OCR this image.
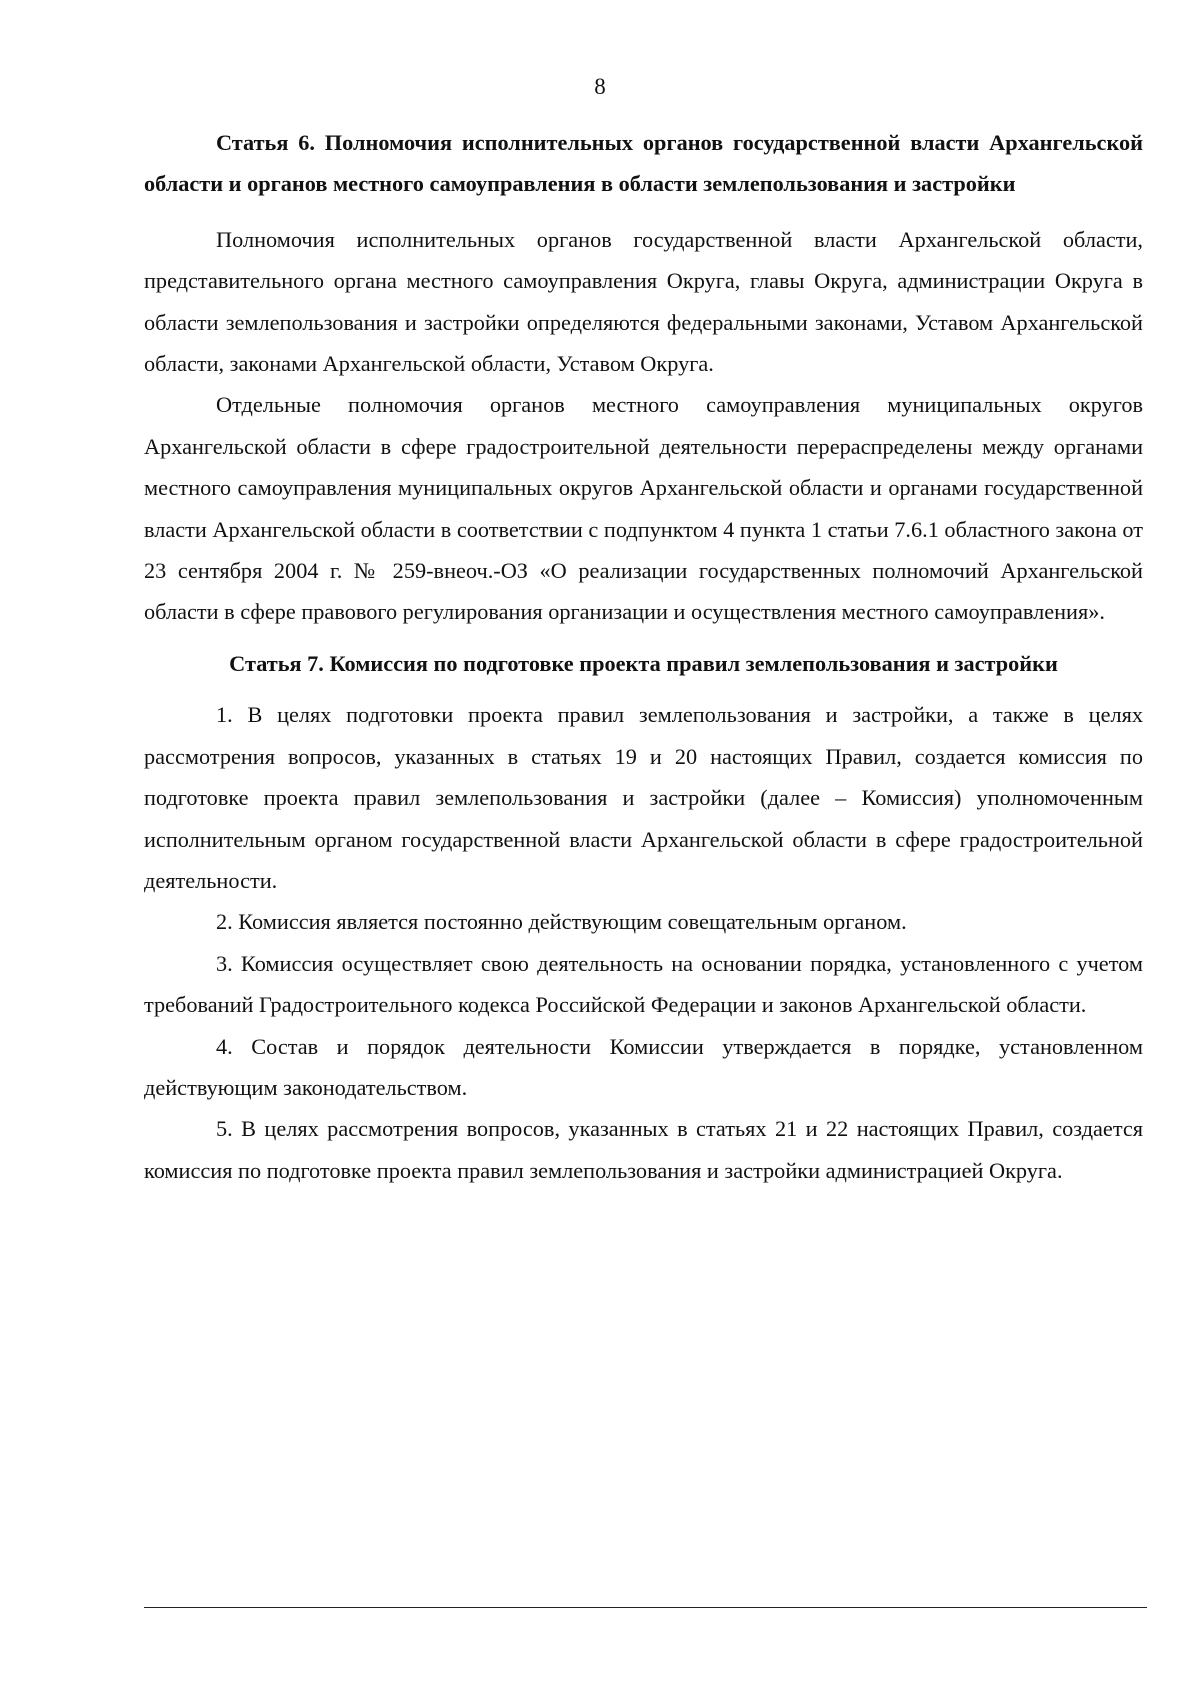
8

Статья 6. Полномочия исполнительных органов государственной власти Архангельской области и органов местного самоуправления в области землепользования и застройки

Полномочия исполнительных органов государственной власти Архангельской области, представительного органа местного самоуправления Округа, главы Округа, администрации Округа в области землепользования и застройки определяются федеральными законами, Уставом Архангельской области, законами Архангельской области, Уставом Округа.

Отдельные полномочия органов местного самоуправления муниципальных округов Архангельской области в сфере градостроительной деятельности перераспределены между органами местного самоуправления муниципальных округов Архангельской области и органами государственной власти Архангельской области в соответствии с подпунктом 4 пункта 1 статьи 7.6.1 областного закона от 23 сентября 2004 г. № 259-внеоч.-ОЗ «О реализации государственных полномочий Архангельской области в сфере правового регулирования организации и осуществления местного самоуправления».

Статья 7. Комиссия по подготовке проекта правил землепользования и застройки

1. В целях подготовки проекта правил землепользования и застройки, а также в целях рассмотрения вопросов, указанных в статьях 19 и 20 настоящих Правил, создается комиссия по подготовке проекта правил землепользования и застройки (далее – Комиссия) уполномоченным исполнительным органом государственной власти Архангельской области в сфере градостроительной деятельности.

2. Комиссия является постоянно действующим совещательным органом.

3. Комиссия осуществляет свою деятельность на основании порядка, установленного с учетом требований Градостроительного кодекса Российской Федерации и законов Архангельской области.

4. Состав и порядок деятельности Комиссии утверждается в порядке, установленном действующим законодательством.

5. В целях рассмотрения вопросов, указанных в статьях 21 и 22 настоящих Правил, создается комиссия по подготовке проекта правил землепользования и застройки администрацией Округа.
